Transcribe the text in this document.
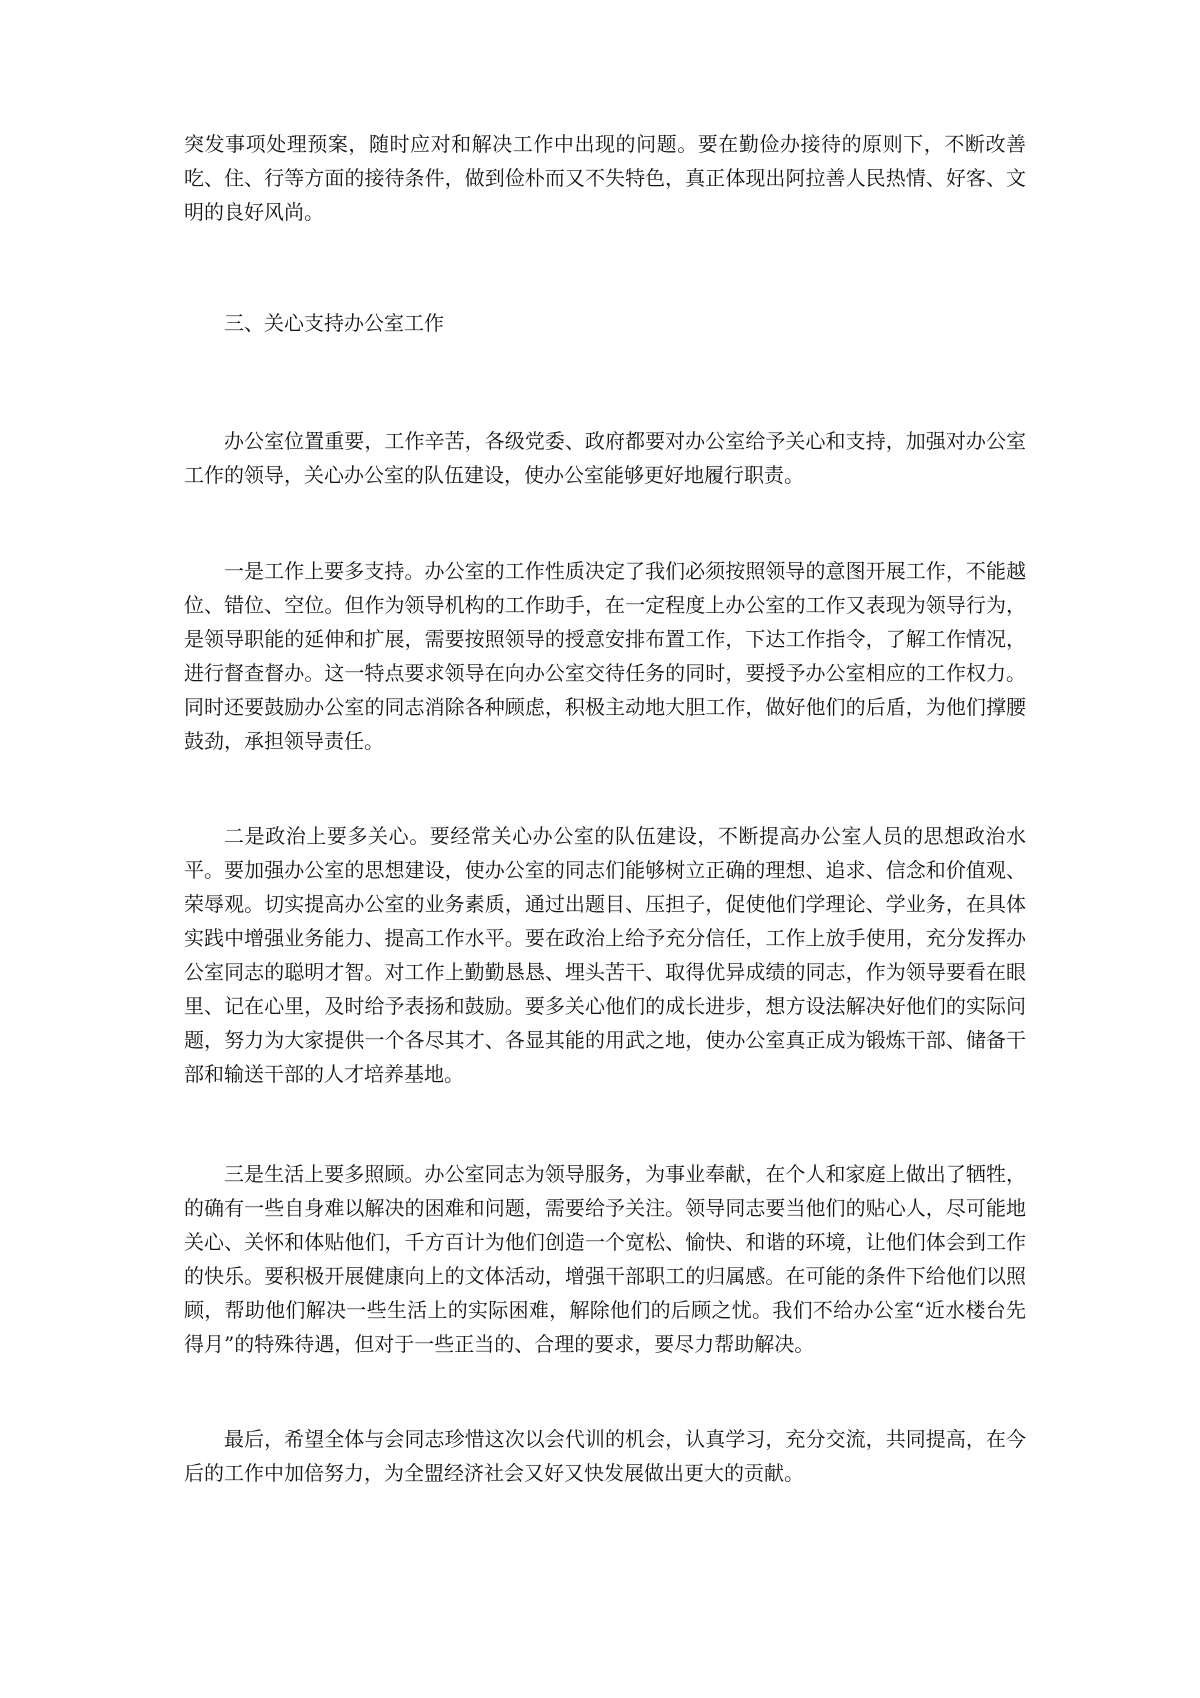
突发事项处理预案，随时应对和解决工作中出现的问题。要在勤俭办接待的原则下，不断改善吃、住、行等方面的接待条件，做到俭朴而又不失特色，真正体现出阿拉善人民热情、好客、文明的良好风尚。

三、关心支持办公室工作

办公室位置重要，工作辛苦，各级党委、政府都要对办公室给予关心和支持，加强对办公室工作的领导，关心办公室的队伍建设，使办公室能够更好地履行职责。

一是工作上要多支持。办公室的工作性质决定了我们必须按照领导的意图开展工作，不能越位、错位、空位。但作为领导机构的工作助手，在一定程度上办公室的工作又表现为领导行为，是领导职能的延伸和扩展，需要按照领导的授意安排布置工作，下达工作指令，了解工作情况，进行督查督办。这一特点要求领导在向办公室交待任务的同时，要授予办公室相应的工作权力。同时还要鼓励办公室的同志消除各种顾虑，积极主动地大胆工作，做好他们的后盾，为他们撑腰鼓劲，承担领导责任。

二是政治上要多关心。要经常关心办公室的队伍建设，不断提高办公室人员的思想政治水平。要加强办公室的思想建设，使办公室的同志们能够树立正确的理想、追求、信念和价值观、荣辱观。切实提高办公室的业务素质，通过出题目、压担子，促使他们学理论、学业务，在具体实践中增强业务能力、提高工作水平。要在政治上给予充分信任，工作上放手使用，充分发挥办公室同志的聪明才智。对工作上勤勤恳恳、埋头苦干、取得优异成绩的同志，作为领导要看在眼里、记在心里，及时给予表扬和鼓励。要多关心他们的成长进步，想方设法解决好他们的实际问题，努力为大家提供一个各尽其才、各显其能的用武之地，使办公室真正成为锻炼干部、储备干部和输送干部的人才培养基地。

三是生活上要多照顾。办公室同志为领导服务，为事业奉献，在个人和家庭上做出了牺牲，的确有一些自身难以解决的困难和问题，需要给予关注。领导同志要当他们的贴心人，尽可能地关心、关怀和体贴他们，千方百计为他们创造一个宽松、愉快、和谐的环境，让他们体会到工作的快乐。要积极开展健康向上的文体活动，增强干部职工的归属感。在可能的条件下给他们以照顾，帮助他们解决一些生活上的实际困难，解除他们的后顾之忧。我们不给办公室“近水楼台先得月”的特殊待遇，但对于一些正当的、合理的要求，要尽力帮助解决。

最后，希望全体与会同志珍惜这次以会代训的机会，认真学习，充分交流，共同提高，在今后的工作中加倍努力，为全盟经济社会又好又快发展做出更大的贡献。
